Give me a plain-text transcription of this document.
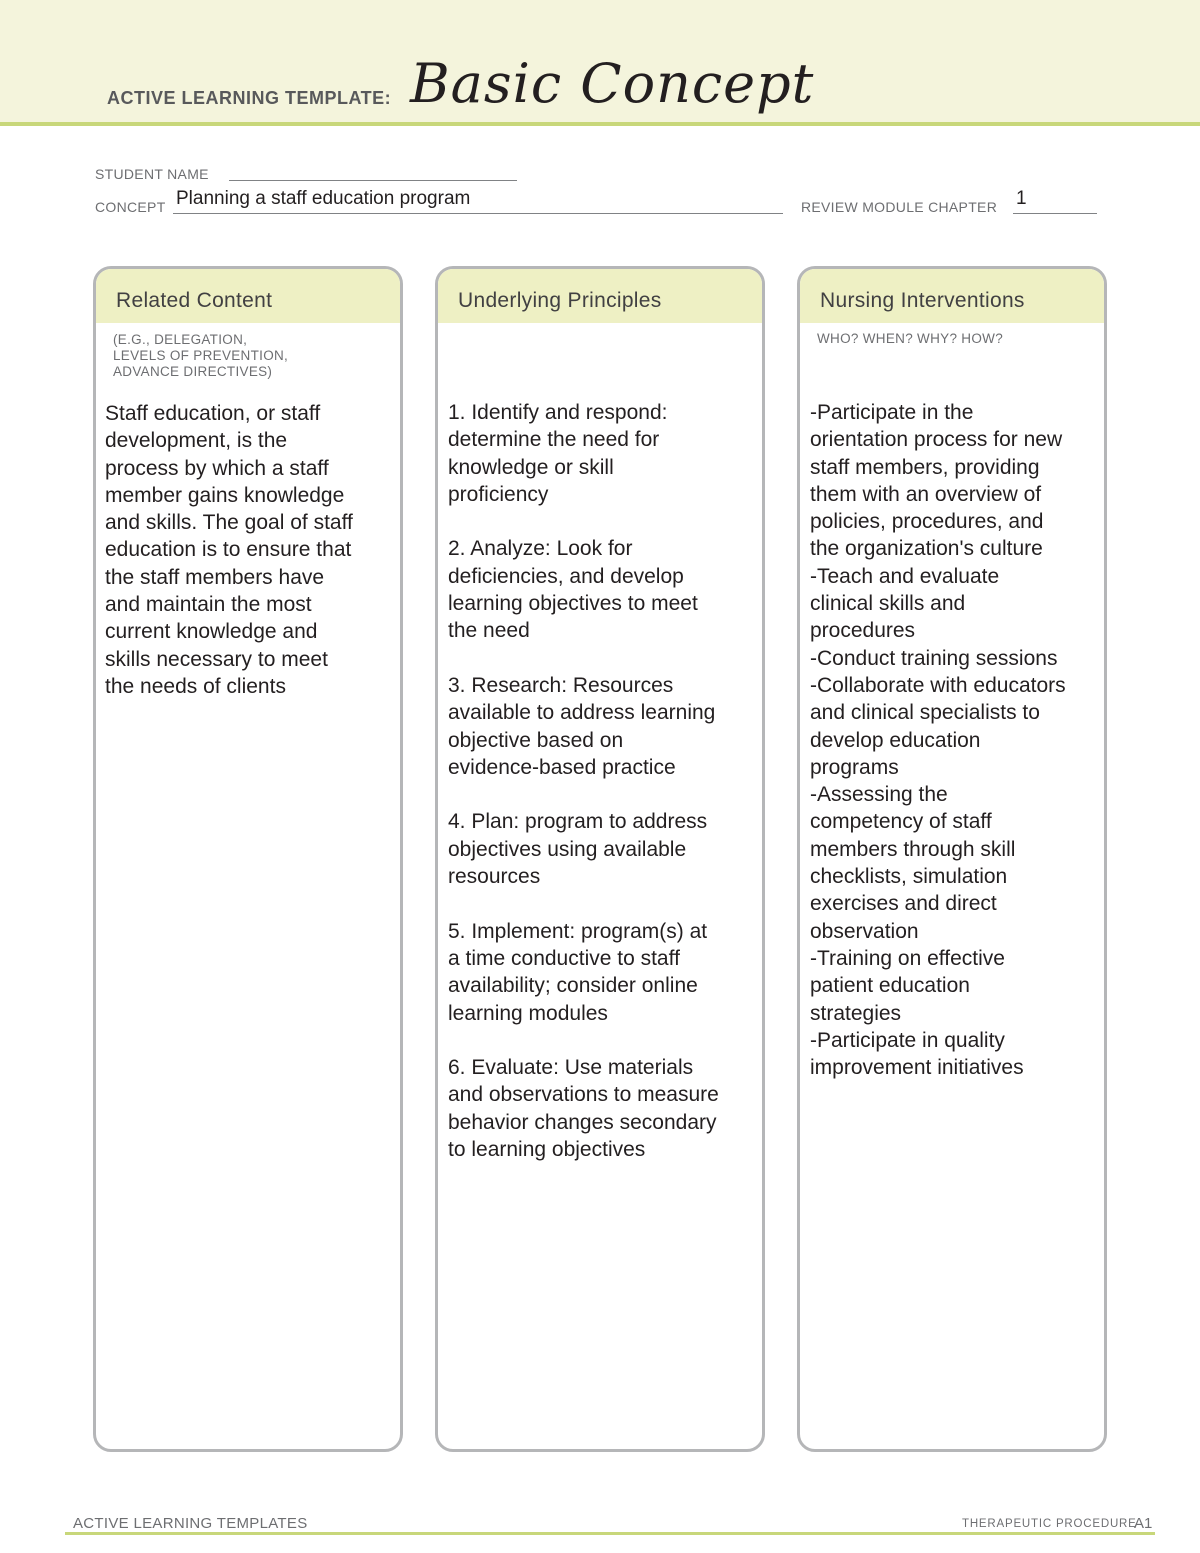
ACTIVE LEARNING TEMPLATE: Basic Concept
STUDENT NAME
CONCEPT Planning a staff education program	REVIEW MODULE CHAPTER 1
Related Content
(E.G., DELEGATION,
LEVELS OF PREVENTION,
ADVANCE DIRECTIVES)
Staff education, or staff
development, is the
process by which a staff
member gains knowledge
and skills. The goal of staff
education is to ensure that
the staff members have
and maintain the most
current knowledge and
skills necessary to meet
the needs of clients
Underlying Principles
1. Identify and respond:
determine the need for
knowledge or skill
proficiency

2. Analyze: Look for
deficiencies, and develop
learning objectives to meet
the need

3. Research: Resources
available to address learning
objective based on
evidence-based practice

4. Plan: program to address
objectives using available
resources

5. Implement: program(s) at
a time conductive to staff
availability; consider online
learning modules

6. Evaluate: Use materials
and observations to measure
behavior changes secondary
to learning objectives
Nursing Interventions
WHO? WHEN? WHY? HOW?
-Participate in the
orientation process for new
staff members, providing
them with an overview of
policies, procedures, and
the organization's culture
-Teach and evaluate
clinical skills and
procedures
-Conduct training sessions
-Collaborate with educators
and clinical specialists to
develop education
programs
-Assessing the
competency of staff
members through skill
checklists, simulation
exercises and direct
observation
-Training on effective
patient education
strategies
-Participate in quality
improvement initiatives
ACTIVE LEARNING TEMPLATES	THERAPEUTIC PROCEDURE
A1
